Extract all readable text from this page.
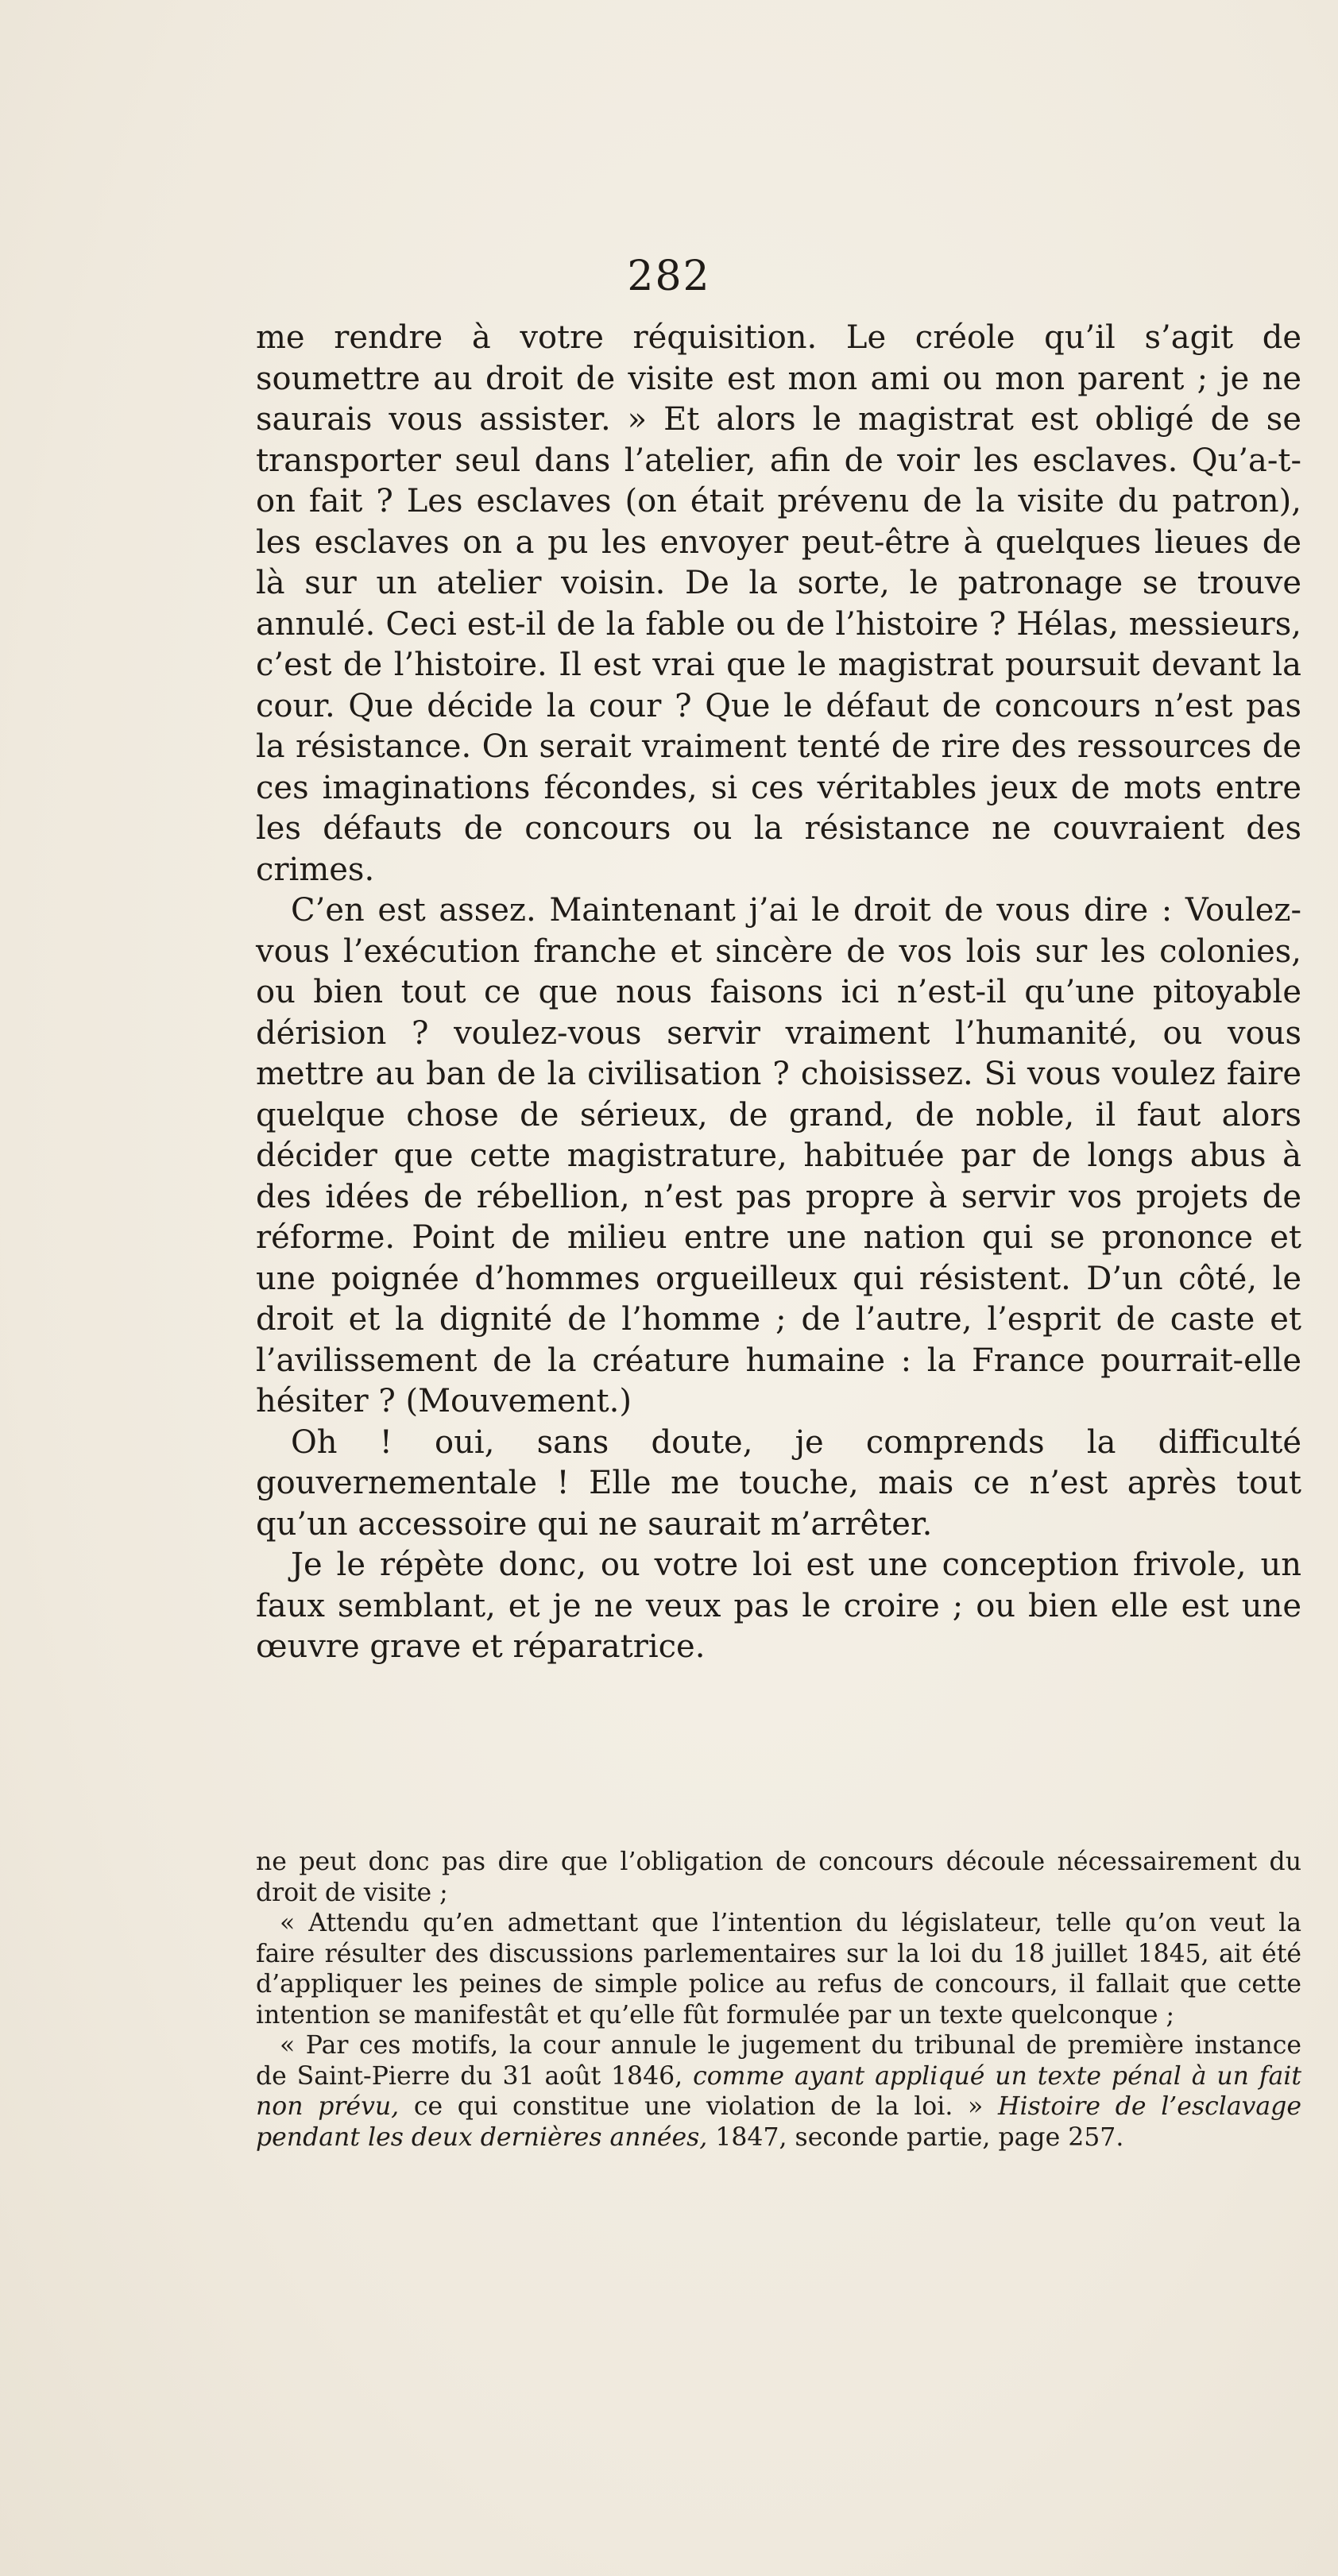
282

me rendre à votre réquisition. Le créole qu’il s’agit de soumettre au droit de visite est mon ami ou mon parent ; je ne saurais vous assister. » Et alors le magistrat est obligé de se transporter seul dans l’atelier, afin de voir les esclaves. Qu’a-t-on fait ? Les esclaves (on était prévenu de la visite du patron), les esclaves on a pu les envoyer peut-être à quelques lieues de là sur un atelier voisin. De la sorte, le patronage se trouve annulé. Ceci est-il de la fable ou de l’histoire ? Hélas, messieurs, c’est de l’histoire. Il est vrai que le magistrat poursuit devant la cour. Que décide la cour ? Que le défaut de concours n’est pas la résistance. On serait vraiment tenté de rire des ressources de ces imaginations fécondes, si ces véritables jeux de mots entre les défauts de concours ou la résistance ne couvraient des crimes.

C’en est assez. Maintenant j’ai le droit de vous dire : Voulez-vous l’exécution franche et sincère de vos lois sur les colonies, ou bien tout ce que nous faisons ici n’est-il qu’une pitoyable dérision ? voulez-vous servir vraiment l’humanité, ou vous mettre au ban de la civilisation ? choisissez. Si vous voulez faire quelque chose de sérieux, de grand, de noble, il faut alors décider que cette magistrature, habituée par de longs abus à des idées de rébellion, n’est pas propre à servir vos projets de réforme. Point de milieu entre une nation qui se prononce et une poignée d’hommes orgueilleux qui résistent. D’un côté, le droit et la dignité de l’homme ; de l’autre, l’esprit de caste et l’avilissement de la créature humaine : la France pourrait-elle hésiter ? (Mouvement.)

Oh ! oui, sans doute, je comprends la difficulté gouvernementale ! Elle me touche, mais ce n’est après tout qu’un accessoire qui ne saurait m’arrêter.

Je le répète donc, ou votre loi est une conception frivole, un faux semblant, et je ne veux pas le croire ; ou bien elle est une œuvre grave et réparatrice.

ne peut donc pas dire que l’obligation de concours découle nécessairement du droit de visite ;

« Attendu qu’en admettant que l’intention du législateur, telle qu’on veut la faire résulter des discussions parlementaires sur la loi du 18 juillet 1845, ait été d’appliquer les peines de simple police au refus de concours, il fallait que cette intention se manifestât et qu’elle fût formulée par un texte quelconque ;

« Par ces motifs, la cour annule le jugement du tribunal de première instance de Saint-Pierre du 31 août 1846, comme ayant appliqué un texte pénal à un fait non prévu, ce qui constitue une violation de la loi. » Histoire de l’esclavage pendant les deux dernières années, 1847, seconde partie, page 257.
